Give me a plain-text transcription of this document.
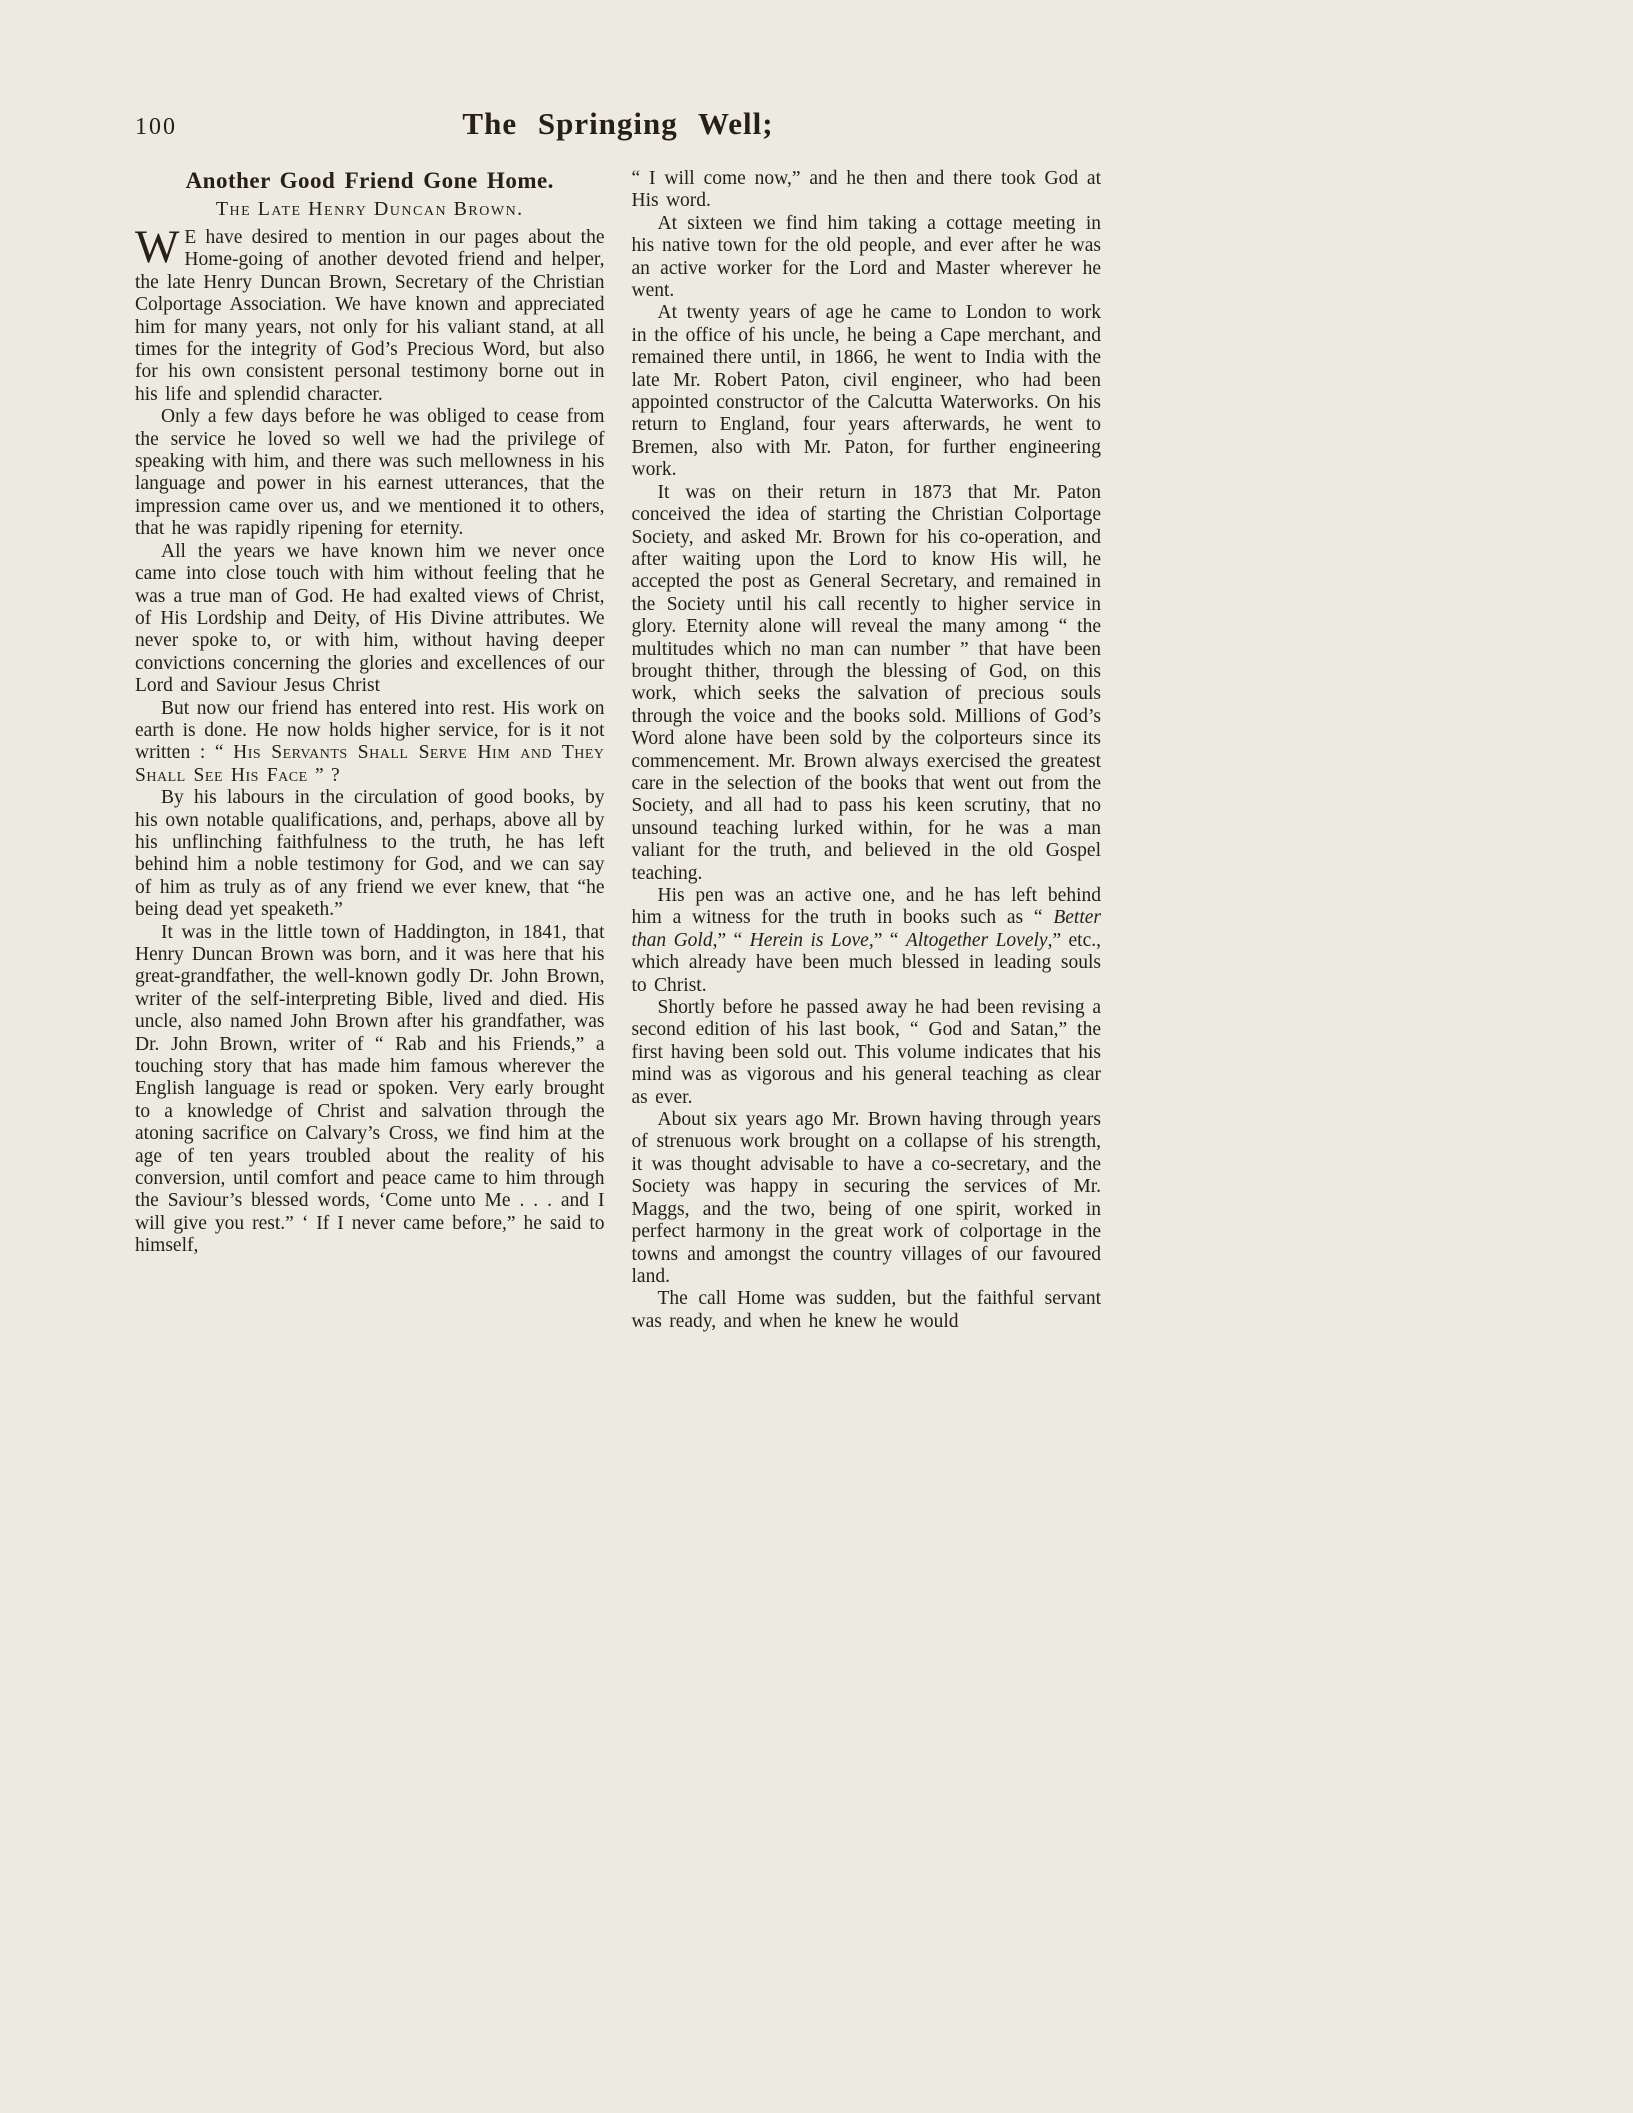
100	The Springing Well;
Another Good Friend Gone Home.
The Late Henry Duncan Brown.

W E have desired to mention in our pages about the Home-going of another devoted friend and helper, the late Henry Duncan Brown, Secretary of the Christian Colportage Association. We have known and appreciated him for many years, not only for his valiant stand, at all times for the integrity of God’s Precious Word, but also for his own consistent personal testimony borne out in his life and splendid character.

Only a few days before he was obliged to cease from the service he loved so well we had the privilege of speaking with him, and there was such mellowness in his language and power in his earnest utterances, that the impression came over us, and we mentioned it to others, that he was rapidly ripening for eternity.

All the years we have known him we never once came into close touch with him without feeling that he was a true man of God. He had exalted views of Christ, of His Lordship and Deity, of His Divine attributes. We never spoke to, or with him, without having deeper convictions concerning the glories and excellences of our Lord and Saviour Jesus Christ

But now our friend has entered into rest. His work on earth is done. He now holds higher service, for is it not written : “ His Servants Shall Serve Him and They Shall See His Face ” ?

By his labours in the circulation of good books, by his own notable qualifications, and, perhaps, above all by his unflinching faithfulness to the truth, he has left behind him a noble testimony for God, and we can say of him as truly as of any friend we ever knew, that “he being dead yet speaketh.”

It was in the little town of Haddington, in 1841, that Henry Duncan Brown was born, and it was here that his great-grandfather, the well-known godly Dr. John Brown, writer of the self-interpreting Bible, lived and died. His uncle, also named John Brown after his grandfather, was Dr. John Brown, writer of “ Rab and his Friends,” a touching story that has made him famous wherever the English language is read or spoken. Very early brought to a knowledge of Christ and salvation through the atoning sacrifice on Calvary’s Cross, we find him at the age of ten years troubled about the reality of his conversion, until comfort and peace came to him through the Saviour’s blessed words, ‘Come unto Me . . . and I will give you rest.” ‘ If I never came before,” he said to himself,

“ I will come now,” and he then and there took God at His word.

At sixteen we find him taking a cottage meeting in his native town for the old people, and ever after he was an active worker for the Lord and Master wherever he went.

At twenty years of age he came to London to work in the office of his uncle, he being a Cape merchant, and remained there until, in 1866, he went to India with the late Mr. Robert Paton, civil engineer, who had been appointed constructor of the Calcutta Waterworks. On his return to England, four years afterwards, he went to Bremen, also with Mr. Paton, for further engineering work.

It was on their return in 1873 that Mr. Paton conceived the idea of starting the Christian Colportage Society, and asked Mr. Brown for his co-operation, and after waiting upon the Lord to know His will, he accepted the post as General Secretary, and remained in the Society until his call recently to higher service in glory. Eternity alone will reveal the many among “ the multitudes which no man can number ” that have been brought thither, through the blessing of God, on this work, which seeks the salvation of precious souls through the voice and the books sold. Millions of God’s Word alone have been sold by the colporteurs since its commencement. Mr. Brown always exercised the greatest care in the selection of the books that went out from the Society, and all had to pass his keen scrutiny, that no unsound teaching lurked within, for he was a man valiant for the truth, and believed in the old Gospel teaching.

His pen was an active one, and he has left behind him a witness for the truth in books such as “ Better than Gold,” “ Herein is Love,” “ Altogether Lovely,” etc., which already have been much blessed in leading souls to Christ.

Shortly before he passed away he had been revising a second edition of his last book, “ God and Satan,” the first having been sold out. This volume indicates that his mind was as vigorous and his general teaching as clear as ever.

About six years ago Mr. Brown having through years of strenuous work brought on a collapse of his strength, it was thought advisable to have a co-secretary, and the Society was happy in securing the services of Mr. Maggs, and the two, being of one spirit, worked in perfect harmony in the great work of colportage in the towns and amongst the country villages of our favoured land.

The call Home was sudden, but the faithful servant was ready, and when he knew he would
